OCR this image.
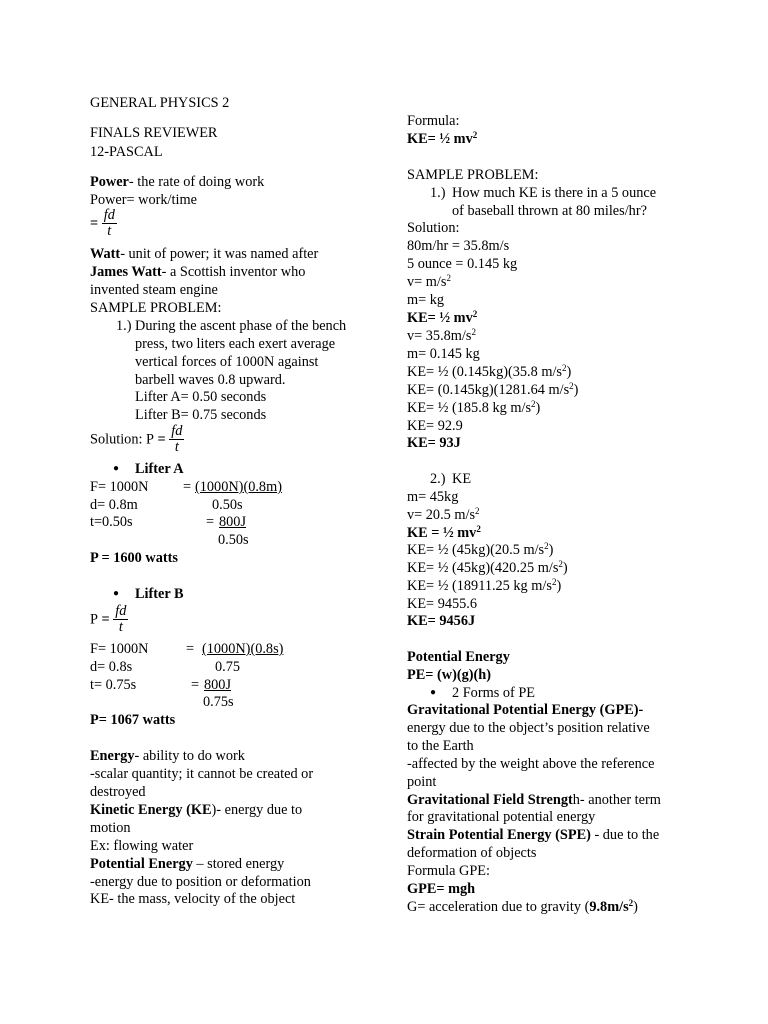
GENERAL PHYSICS 2
FINALS REVIEWER
12-PASCAL
Power- the rate of doing work
Power= work/time
= $\frac{fd}{t}$
Watt- unit of power; it was named after
James Watt- a Scottish inventor who
invented steam engine
SAMPLE PROBLEM:
1.) During the ascent phase of the bench
press, two liters each exert average
vertical forces of 1000N against
barbell waves 0.8 upward.
Lifter A= 0.50 seconds
Lifter B= 0.75 seconds
Solution: $P = \frac{fd}{t}$
● Lifter A
F= 1000N = (1000N)(0.8m)
d= 0.8m	0.50s
t=0.50s	= 800J
0.50s
P = 1600 watts
● Lifter B
$P = \frac{fd}{t}$
F= 1000N	= (1000N)(0.8s)
d= 0.8s	0.75
t= 0.75s	= 800J
0.75s
P= 1067 watts
Energy- ability to do work
-scalar quantity; it cannot be created or
destroyed
Kinetic Energy (KE)- energy due to
motion
Ex: flowing water
Potential Energy – stored energy
-energy due to position or deformation
KE- the mass, velocity of the object
Formula:
KE= ½ $mv^2$
SAMPLE PROBLEM:
1.) How much KE is there in a 5 ounce
of baseball thrown at 80 miles/hr?
Solution:
80m/hr = 35.8m/s
5 ounce = 0.145 kg
$v= m/s^2$
m= kg
KE= ½ $mv^2$
$v= 35.8m/s^2$
m= 0.145 kg
KE= ½ (0.145kg)(35.8 $m/s^2$)
KE= (0.145kg)(1281.64 $m/s^2$)
KE= ½ (185.8 kg $m/s^2$)
KE= 92.9
KE= 93J
2.) KE
m= 45kg
v= 20.5 $m/s^2$
KE = ½ $mv^2$
KE= ½ (45kg)(20.5 $m/s^2$)
KE= ½ (45kg)(420.25 $m/s^2$)
KE= ½ (18911.25 kg $m/s^2$)
KE= 9455.6
KE= 9456J
Potential Energy
PE= (w)(g)(h)
● 2 Forms of PE
Gravitational Potential Energy (GPE)-
energy due to the object’s position relative
to the Earth
-affected by the weight above the reference
point
Gravitational Field Strength- another term
for gravitational potential energy
Strain Potential Energy (SPE) - due to the
deformation of objects
Formula GPE:
GPE= mgh
G= acceleration due to gravity $(9.8m/s^2)$
